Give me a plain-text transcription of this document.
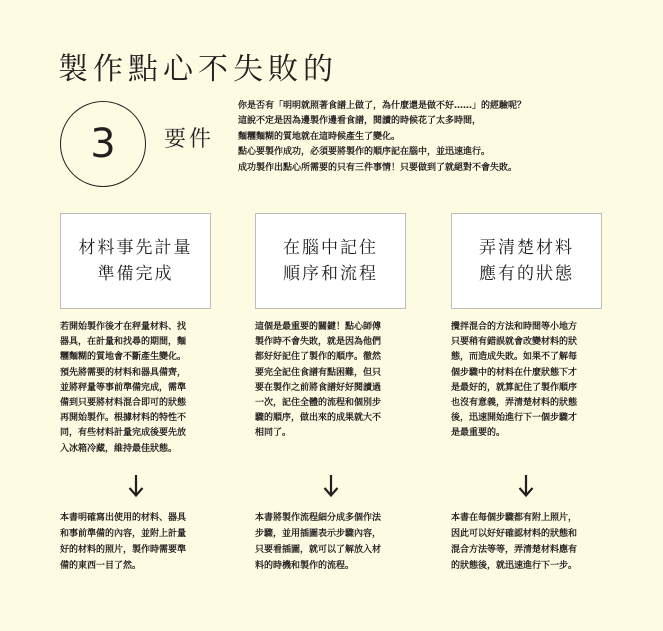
製作點心不失敗的
3 要件
你是否有「明明就照著食譜上做了，為什麼還是做不好……」的經驗呢？
這說不定是因為邊製作邊看食譜，閱讀的時候花了太多時間，
麵糰麵糊的質地就在這時候產生了變化。
點心要製作成功，必須要將製作的順序記在腦中，並迅速進行。
成功製作出點心所需要的只有三件事情！只要做到了就絕對不會失敗。
材料事先計量
準備完成
若開始製作後才在秤量材料、找
器具，在計量和找尋的期間，麵
糰麵糊的質地會不斷產生變化。
預先將需要的材料和器具備齊，
並將秤量等事前準備完成，需準
備到只要將材料混合即可的狀態
再開始製作。根據材料的特性不
同，有些材料計量完成後要先放
入冰箱冷藏，維持最佳狀態。
本書明確寫出使用的材料、器具
和事前準備的內容，並附上計量
好的材料的照片，製作時需要準
備的東西一目了然。
在腦中記住
順序和流程
這個是最重要的關鍵！點心師傅
製作時不會失敗，就是因為他們
都好好記住了製作的順序。徹然
要完全記住食譜有點困難，但只
要在製作之前將食譜好好閱讀過
一次，記住全體的流程和個別步
驟的順序，做出來的成果就大不
相同了。
本書將製作流程細分成多個作法
步驟，並用插圖表示步驟內容，
只要看插圖，就可以了解放入材
料的時機和製作的流程。
弄清楚材料
應有的狀態
攪拌混合的方法和時間等小地方
只要稍有錯誤就會改變材料的狀
態，而造成失敗。如果不了解每
個步驟中的材料在什麼狀態下才
是最好的，就算記住了製作順序
也沒有意義，弄清楚材料的狀態
後，迅速開始進行下一個步驟才
是最重要的。
本書在每個步驟都有附上照片，
因此可以好好確認材料的狀態和
混合方法等等，弄清楚材料應有
的狀態後，就迅速進行下一步。
